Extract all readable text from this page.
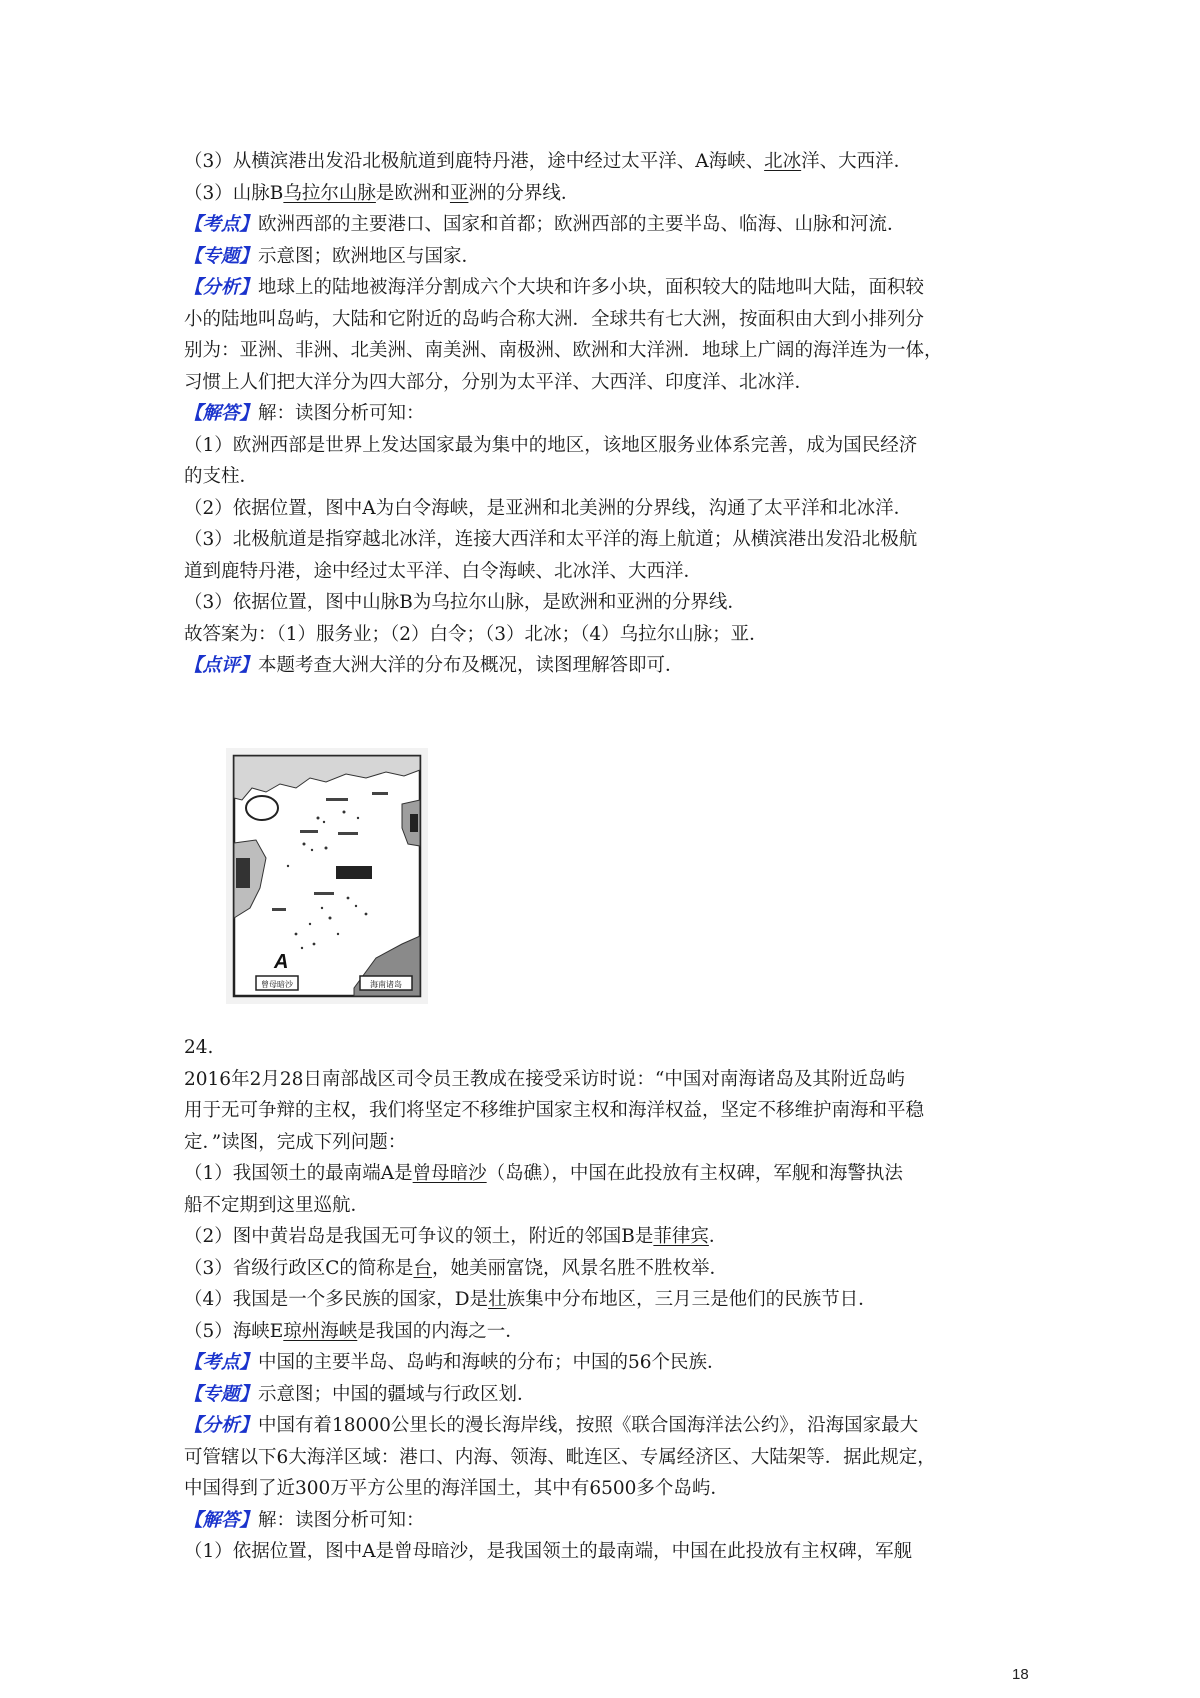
（3）从横滨港出发沿北极航道到鹿特丹港，途中经过太平洋、A海峡、北冰洋、大西洋．

（3）山脉B乌拉尔山脉是欧洲和亚洲的分界线．

【考点】欧洲西部的主要港口、国家和首都；欧洲西部的主要半岛、临海、山脉和河流．

【专题】示意图；欧洲地区与国家．

【分析】地球上的陆地被海洋分割成六个大块和许多小块，面积较大的陆地叫大陆，面积较

小的陆地叫岛屿，大陆和它附近的岛屿合称大洲．全球共有七大洲，按面积由大到小排列分

别为：亚洲、非洲、北美洲、南美洲、南极洲、欧洲和大洋洲．地球上广阔的海洋连为一体，

习惯上人们把大洋分为四大部分，分别为太平洋、大西洋、印度洋、北冰洋．

【解答】解：读图分析可知：

（1）欧洲西部是世界上发达国家最为集中的地区，该地区服务业体系完善，成为国民经济

的支柱．

（2）依据位置，图中A为白令海峡，是亚洲和北美洲的分界线，沟通了太平洋和北冰洋．

（3）北极航道是指穿越北冰洋，连接大西洋和太平洋的海上航道；从横滨港出发沿北极航

道到鹿特丹港，途中经过太平洋、白令海峡、北冰洋、大西洋．

（3）依据位置，图中山脉B为乌拉尔山脉，是欧洲和亚洲的分界线．

故答案为：（1）服务业；（2）白令；（3）北冰；（4）乌拉尔山脉；亚．

【点评】本题考查大洲大洋的分布及概况，读图理解答即可．

A
曾母暗沙	海南诸岛
24.

2016年2月28日南部战区司令员王教成在接受采访时说：“中国对南海诸岛及其附近岛屿

用于无可争辩的主权，我们将坚定不移维护国家主权和海洋权益，坚定不移维护南海和平稳

定．”读图，完成下列问题：

（1）我国领土的最南端A是曾母暗沙（岛礁），中国在此投放有主权碑，军舰和海警执法

船不定期到这里巡航．

（2）图中黄岩岛是我国无可争议的领土，附近的邻国B是菲律宾．

（3）省级行政区C的简称是台，她美丽富饶，风景名胜不胜枚举．

（4）我国是一个多民族的国家，D是壮族集中分布地区，三月三是他们的民族节日．

（5）海峡E琼州海峡是我国的内海之一．

【考点】中国的主要半岛、岛屿和海峡的分布；中国的56个民族．

【专题】示意图；中国的疆域与行政区划．

【分析】中国有着18000公里长的漫长海岸线，按照《联合国海洋法公约》，沿海国家最大

可管辖以下6大海洋区域：港口、内海、领海、毗连区、专属经济区、大陆架等．据此规定，

中国得到了近300万平方公里的海洋国土，其中有6500多个岛屿．

【解答】解：读图分析可知：

（1）依据位置，图中A是曾母暗沙，是我国领土的最南端，中国在此投放有主权碑，军舰

18
